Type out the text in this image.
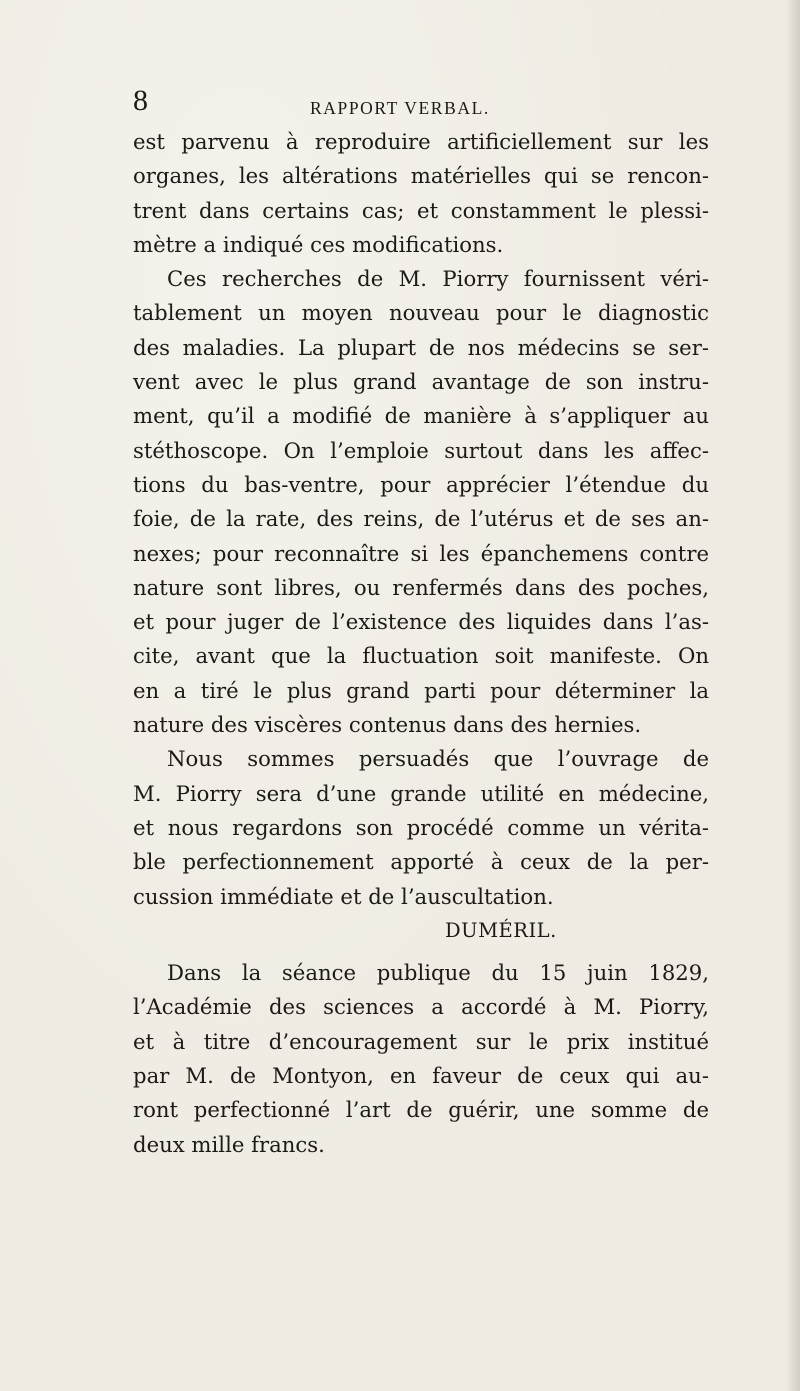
8	RAPPORT VERBAL.
est parvenu à reproduire artificiellement sur les
organes, les altérations matérielles qui se rencon-
trent dans certains cas; et constamment le plessi-
mètre a indiqué ces modifications.
Ces recherches de M. Piorry fournissent véri-
tablement un moyen nouveau pour le diagnostic
des maladies. La plupart de nos médecins se ser-
vent avec le plus grand avantage de son instru-
ment, qu’il a modifié de manière à s’appliquer au
stéthoscope. On l’emploie surtout dans les affec-
tions du bas-ventre, pour apprécier l’étendue du
foie, de la rate, des reins, de l’utérus et de ses an-
nexes; pour reconnaître si les épanchemens contre
nature sont libres, ou renfermés dans des poches,
et pour juger de l’existence des liquides dans l’as-
cite, avant que la fluctuation soit manifeste. On
en a tiré le plus grand parti pour déterminer la
nature des viscères contenus dans des hernies.
Nous sommes persuadés que l’ouvrage de
M. Piorry sera d’une grande utilité en médecine,
et nous regardons son procédé comme un vérita-
ble perfectionnement apporté à ceux de la per-
cussion immédiate et de l’auscultation.
DUMÉRIL.
Dans la séance publique du 15 juin 1829,
l’Académie des sciences a accordé à M. Piorry,
et à titre d’encouragement sur le prix institué
par M. de Montyon, en faveur de ceux qui au-
ront perfectionné l’art de guérir, une somme de
deux mille francs.
